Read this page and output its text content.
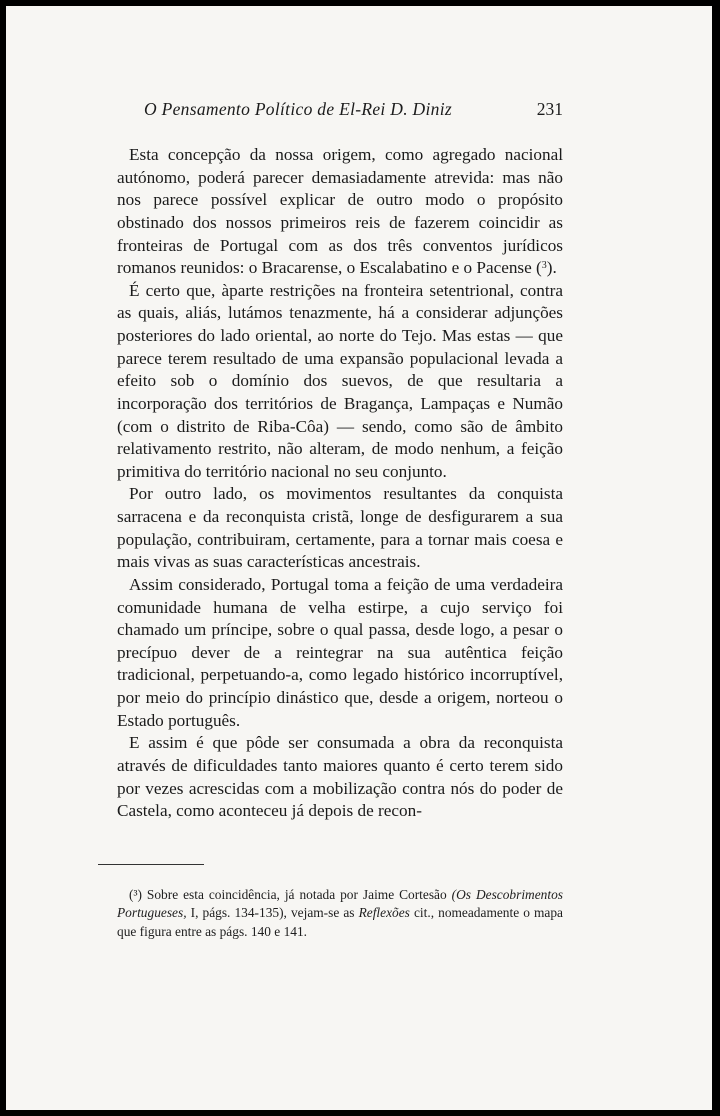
O Pensamento Político de El-Rei D. Diniz	231

Esta concepção da nossa origem, como agregado nacional autónomo, poderá parecer demasiadamente atrevida: mas não nos parece possível explicar de outro modo o propósito obstinado dos nossos primeiros reis de fazerem coincidir as fronteiras de Portugal com as dos três conventos jurídicos romanos reunidos: o Bracarense, o Escalabatino e o Pacense ($^3$).

É certo que, àparte restrições na fronteira setentrional, contra as quais, aliás, lutámos tenazmente, há a considerar adjunções posteriores do lado oriental, ao norte do Tejo. Mas estas — que parece terem resultado de uma expansão populacional levada a efeito sob o domínio dos suevos, de que resultaria a incorporação dos territórios de Bragança, Lampaças e Numão (com o distrito de Riba-Côa) — sendo, como são de âmbito relativamento restrito, não alteram, de modo nenhum, a feição primitiva do território nacional no seu conjunto.

Por outro lado, os movimentos resultantes da conquista sarracena e da reconquista cristã, longe de desfigurarem a sua população, contribuiram, certamente, para a tornar mais coesa e mais vivas as suas características ancestrais.

Assim considerado, Portugal toma a feição de uma verdadeira comunidade humana de velha estirpe, a cujo serviço foi chamado um príncipe, sobre o qual passa, desde logo, a pesar o precípuo dever de a reintegrar na sua autêntica feição tradicional, perpetuando-a, como legado histórico incorruptível, por meio do princípio dinástico que, desde a origem, norteou o Estado português.

E assim é que pôde ser consumada a obra da reconquista através de dificuldades tanto maiores quanto é certo terem sido por vezes acrescidas com a mobilização contra nós do poder de Castela, como aconteceu já depois de recon-

(³) Sobre esta coincidência, já notada por Jaime Cortesão (Os Descobrimentos Portugueses, I, págs. 134-135), vejam-se as Reflexões cit., nomeadamente o mapa que figura entre as págs. 140 e 141.
